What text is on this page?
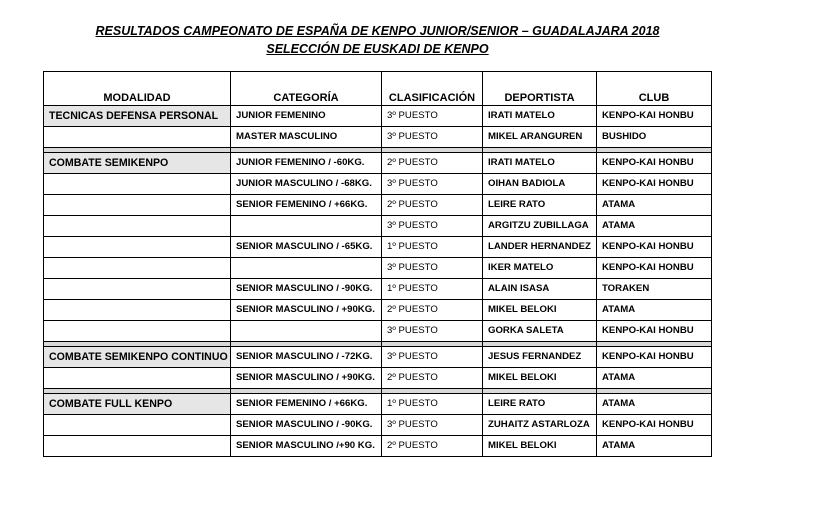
RESULTADOS CAMPEONATO DE ESPAÑA DE KENPO JUNIOR/SENIOR – GUADALAJARA 2018
SELECCIÓN DE EUSKADI DE KENPO
MODALIDAD	CATEGORÍA	CLASIFICACIÓN	DEPORTISTA	CLUB
TECNICAS DEFENSA PERSONAL	JUNIOR FEMENINO	3º PUESTO	IRATI MATELO	KENPO-KAI HONBU
	MASTER MASCULINO	3º PUESTO	MIKEL ARANGUREN	BUSHIDO

COMBATE SEMIKENPO	JUNIOR FEMENINO / -60KG.	2º PUESTO	IRATI MATELO	KENPO-KAI HONBU
	JUNIOR MASCULINO / -68KG.	3º PUESTO	OIHAN BADIOLA	KENPO-KAI HONBU
	SENIOR FEMENINO / +66KG.	2º PUESTO	LEIRE RATO	ATAMA
		3º PUESTO	ARGITZU ZUBILLAGA	ATAMA
	SENIOR MASCULINO / -65KG.	1º PUESTO	LANDER HERNANDEZ	KENPO-KAI HONBU
		3º PUESTO	IKER MATELO	KENPO-KAI HONBU
	SENIOR MASCULINO / -90KG.	1º PUESTO	ALAIN ISASA	TORAKEN
	SENIOR MASCULINO / +90KG.	2º PUESTO	MIKEL BELOKI	ATAMA
		3º PUESTO	GORKA SALETA	KENPO-KAI HONBU

COMBATE SEMIKENPO CONTINUO	SENIOR MASCULINO / -72KG.	3º PUESTO	JESUS FERNANDEZ	KENPO-KAI HONBU
	SENIOR MASCULINO / +90KG.	2º PUESTO	MIKEL BELOKI	ATAMA

COMBATE FULL KENPO	SENIOR FEMENINO / +66KG.	1º PUESTO	LEIRE RATO	ATAMA
	SENIOR MASCULINO / -90KG.	3º PUESTO	ZUHAITZ ASTARLOZA	KENPO-KAI HONBU
	SENIOR MASCULINO /+90 KG.	2º PUESTO	MIKEL BELOKI	ATAMA
